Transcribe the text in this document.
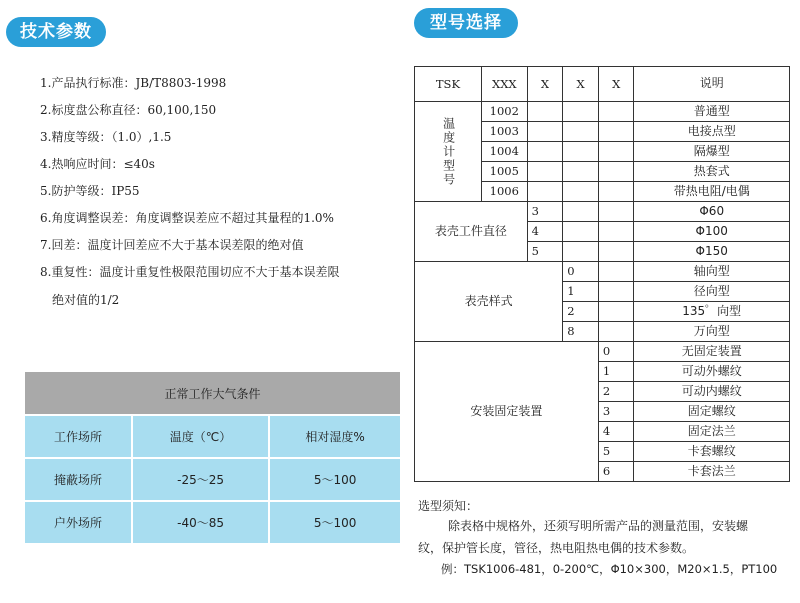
技术参数
1.产品执行标准：JB/T8803-1998
2.标度盘公称直径：60,100,150
3.精度等级：（1.0）,1.5
4.热响应时间：≤40s
5.防护等级：IP55
6.角度调整误差：角度调整误差应不超过其量程的1.0%
7.回差：温度计回差应不大于基本误差限的绝对值
8.重复性：温度计重复性极限范围切应不大于基本误差限
绝对值的1/2
正常工作大气条件		
工作场所	温度（℃）	相对湿度%
掩蔽场所	-25～25	5～100
户外场所	-40～85	5～100
型号选择
TSK	XXX	X	X	X	说明
温度计型号	1002				普通型
	1003				电接点型
	1004				隔爆型
	1005				热套式
	1006				带热电阻/电偶
表壳工件直径		3			Φ60
		4			Φ100
		5			Φ150
表壳样式			0		轴向型
			1		径向型
			2		135゜向型
			8		万向型
安装固定装置				0	无固定装置
				1	可动外螺纹
				2	可动内螺纹
				3	固定螺纹
				4	固定法兰
				5	卡套螺纹
				6	卡套法兰
选型须知：
除表格中规格外，还须写明所需产品的测量范围，安装螺
纹，保护管长度，管径，热电阻热电偶的技术参数。
例：TSK1006-481，0-200℃，Φ10×300，M20×1.5，PT100
